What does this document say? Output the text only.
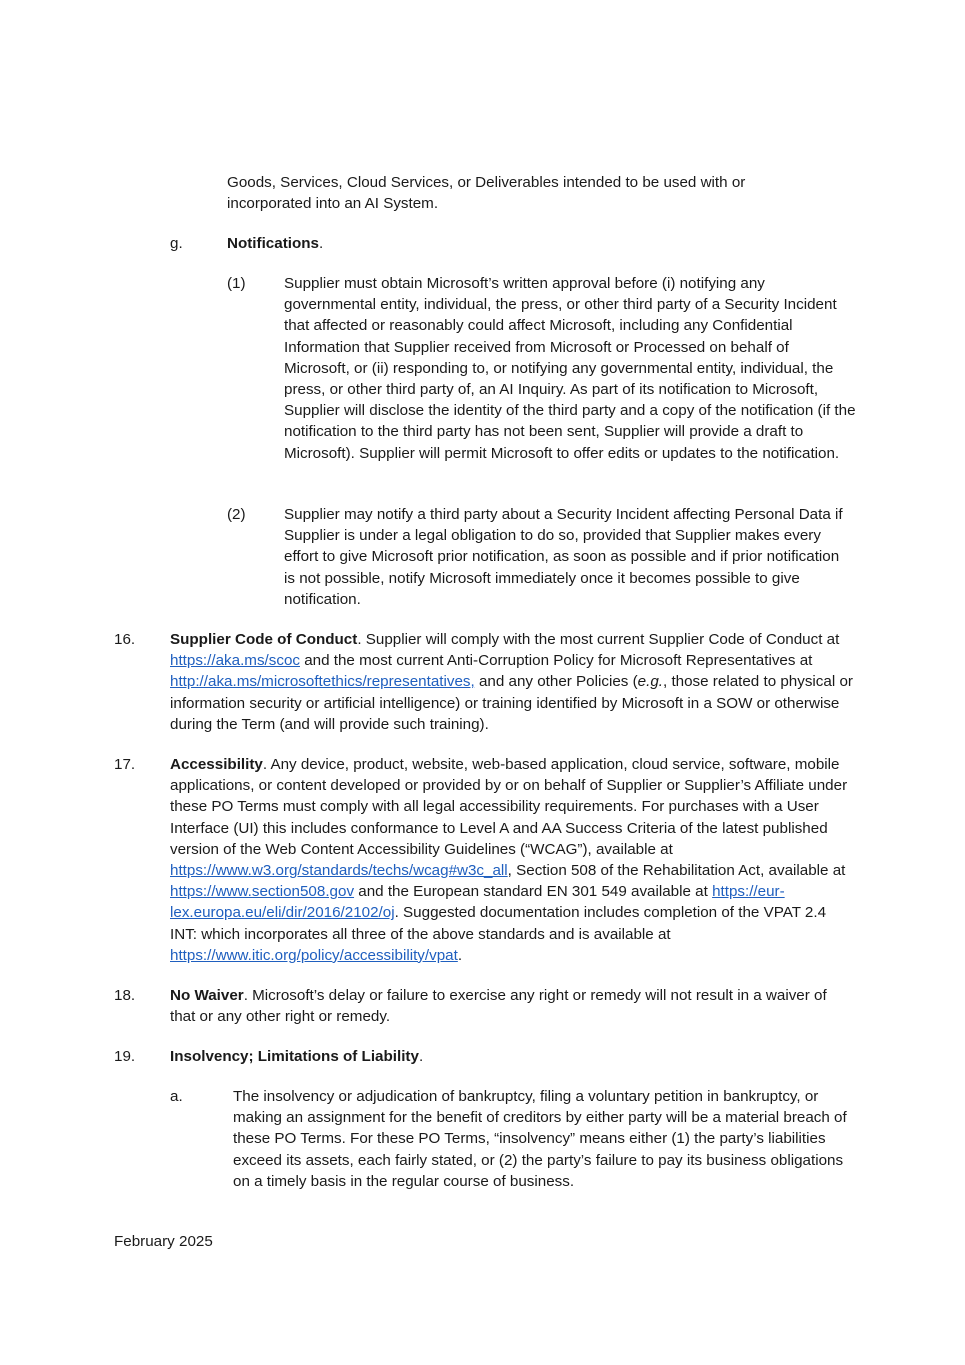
Goods, Services, Cloud Services, or Deliverables intended to be used with or
incorporated into an AI System.
g.	Notifications.
(1)	Supplier must obtain Microsoft’s written approval before (i) notifying any governmental entity, individual, the press, or other third party of a Security Incident that affected or reasonably could affect Microsoft, including any Confidential Information that Supplier received from Microsoft or Processed on behalf of Microsoft, or (ii) responding to, or notifying any governmental entity, individual, the press, or other third party of, an AI Inquiry. As part of its notification to Microsoft, Supplier will disclose the identity of the third party and a copy of the notification (if the notification to the third party has not been sent, Supplier will provide a draft to Microsoft). Supplier will permit Microsoft to offer edits or updates to the notification.

(2)	Supplier may notify a third party about a Security Incident affecting Personal Data if Supplier is under a legal obligation to do so, provided that Supplier makes every effort to give Microsoft prior notification, as soon as possible and if prior notification is not possible, notify Microsoft immediately once it becomes possible to give notification.

16. Supplier Code of Conduct. Supplier will comply with the most current Supplier Code of Conduct at https://aka.ms/scoc and the most current Anti-Corruption Policy for Microsoft Representatives at http://aka.ms/microsoftethics/representatives, and any other Policies (e.g., those related to physical or information security or artificial intelligence) or training identified by Microsoft in a SOW or otherwise during the Term (and will provide such training).

17. Accessibility. Any device, product, website, web-based application, cloud service, software, mobile applications, or content developed or provided by or on behalf of Supplier or Supplier’s Affiliate under these PO Terms must comply with all legal accessibility requirements. For purchases with a User Interface (UI) this includes conformance to Level A and AA Success Criteria of the latest published version of the Web Content Accessibility Guidelines (“WCAG”), available at https://www.w3.org/standards/techs/wcag#w3c_all, Section 508 of the Rehabilitation Act, available at https://www.section508.gov and the European standard EN 301 549 available at https://eur-lex.europa.eu/eli/dir/2016/2102/oj. Suggested documentation includes completion of the VPAT 2.4 INT: which incorporates all three of the above standards and is available at https://www.itic.org/policy/accessibility/vpat.

18. No Waiver. Microsoft’s delay or failure to exercise any right or remedy will not result in a waiver of that or any other right or remedy.

19. Insolvency; Limitations of Liability.
a.	The insolvency or adjudication of bankruptcy, filing a voluntary petition in bankruptcy, or making an assignment for the benefit of creditors by either party will be a material breach of these PO Terms. For these PO Terms, “insolvency” means either (1) the party’s liabilities exceed its assets, each fairly stated, or (2) the party’s failure to pay its business obligations on a timely basis in the regular course of business.

February 2025
